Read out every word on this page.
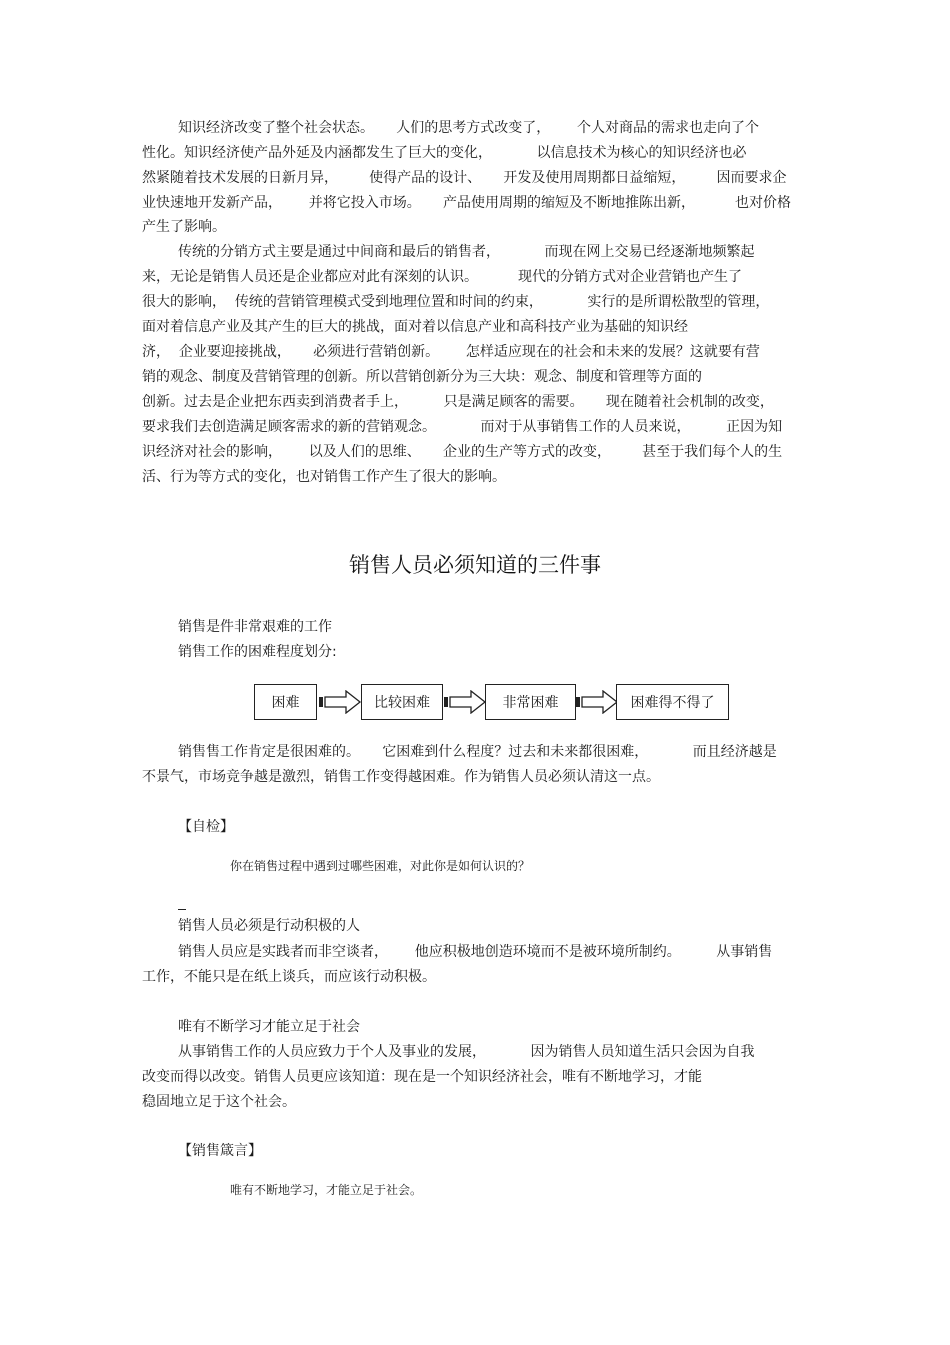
知识经济改变了整个社会状态。     人们的思考方式改变了，      个人对商品的需求也走向了个
性化。知识经济使产品外延及内涵都发生了巨大的变化，          以信息技术为核心的知识经济也必
然紧随着技术发展的日新月异，       使得产品的设计、     开发及使用周期都日益缩短，       因而要求企
业快速地开发新产品，      并将它投入市场。     产品使用周期的缩短及不断地推陈出新，         也对价格
产生了影响。
传统的分销方式主要是通过中间商和最后的销售者，          而现在网上交易已经逐渐地频繁起
来，无论是销售人员还是企业都应对此有深刻的认识。         现代的分销方式对企业营销也产生了
很大的影响，  传统的营销管理模式受到地理位置和时间的约束，          实行的是所谓松散型的管理，
面对着信息产业及其产生的巨大的挑战，面对着以信息产业和高科技产业为基础的知识经
济，  企业要迎接挑战，     必须进行营销创新。      怎样适应现在的社会和未来的发展？这就要有营
销的观念、制度及营销管理的创新。所以营销创新分为三大块：观念、制度和管理等方面的
创新。过去是企业把东西卖到消费者手上，        只是满足顾客的需要。     现在随着社会机制的改变，
要求我们去创造满足顾客需求的新的营销观念。          而对于从事销售工作的人员来说，        正因为知
识经济对社会的影响，      以及人们的思维、     企业的生产等方式的改变，       甚至于我们每个人的生
活、行为等方式的变化，也对销售工作产生了很大的影响。
销售人员必须知道的三件事
销售是件非常艰难的工作
销售工作的困难程度划分:
困难	比较困难	非常困难	困难得不得了
销售售工作肯定是很困难的。     它困难到什么程度？过去和未来都很困难，          而且经济越是
不景气，市场竞争越是激烈，销售工作变得越困难。作为销售人员必须认清这一点。
【自检】
你在销售过程中遇到过哪些困难，对此你是如何认识的？
销售人员必须是行动积极的人
销售人员应是实践者而非空谈者，      他应积极地创造环境而不是被环境所制约。        从事销售
工作，不能只是在纸上谈兵，而应该行动积极。
唯有不断学习才能立足于社会
从事销售工作的人员应致力于个人及事业的发展，          因为销售人员知道生活只会因为自我
改变而得以改变。销售人员更应该知道：现在是一个知识经济社会，唯有不断地学习，才能
稳固地立足于这个社会。
【销售箴言】
唯有不断地学习，才能立足于社会。
